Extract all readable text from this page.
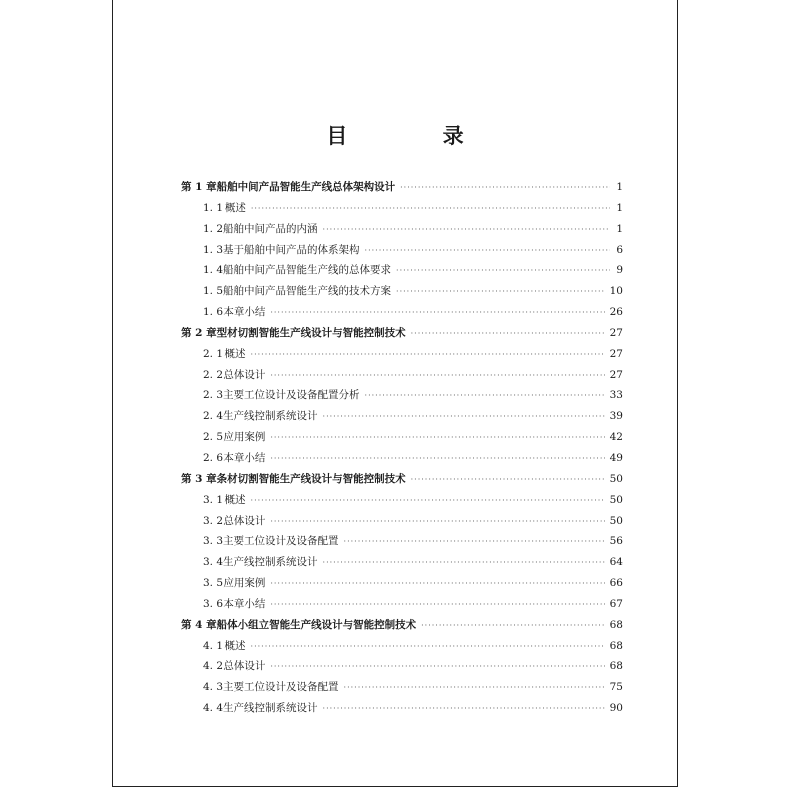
目 录
第 1 章 船舶中间产品智能生产线总体架构设计 ·····	1
1. 1 概述 ·····	1
1. 2 船舶中间产品的内涵 ·····	1
1. 3 基于船舶中间产品的体系架构 ·····	6
1. 4 船舶中间产品智能生产线的总体要求 ·····	9
1. 5 船舶中间产品智能生产线的技术方案 ·····	10
1. 6 本章小结 ·····	26
第 2 章 型材切割智能生产线设计与智能控制技术 ·····	27
2. 1 概述 ·····	27
2. 2 总体设计 ·····	27
2. 3 主要工位设计及设备配置分析 ·····	33
2. 4 生产线控制系统设计 ·····	39
2. 5 应用案例 ·····	42
2. 6 本章小结 ·····	49
第 3 章 条材切割智能生产线设计与智能控制技术 ·····	50
3. 1 概述 ·····	50
3. 2 总体设计 ·····	50
3. 3 主要工位设计及设备配置 ·····	56
3. 4 生产线控制系统设计 ·····	64
3. 5 应用案例 ·····	66
3. 6 本章小结 ·····	67
第 4 章 船体小组立智能生产线设计与智能控制技术 ·····	68
4. 1 概述 ·····	68
4. 2 总体设计 ·····	68
4. 3 主要工位设计及设备配置 ·····	75
4. 4 生产线控制系统设计 ·····	90
